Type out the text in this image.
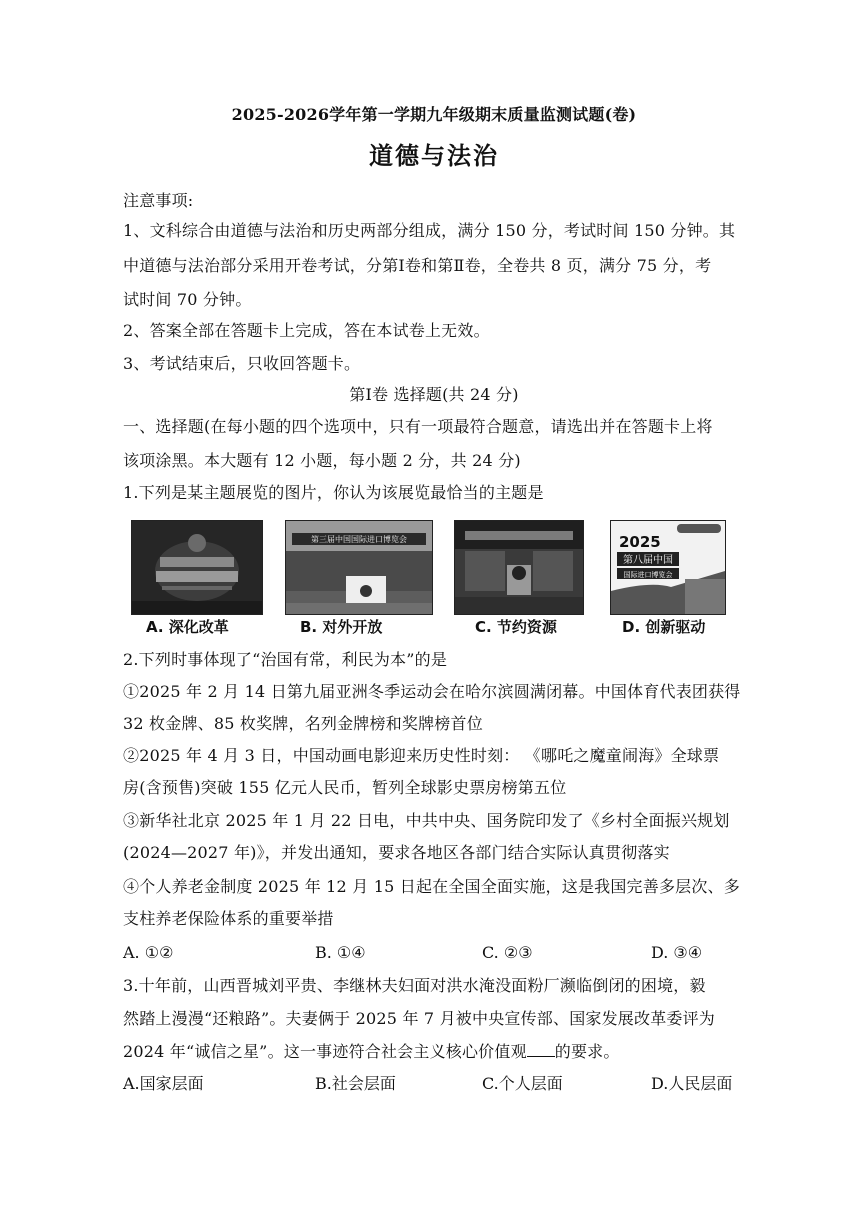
2025-2026学年第一学期九年级期末质量监测试题(卷)
道德与法治
注意事项:
1、文科综合由道德与法治和历史两部分组成，满分 150 分，考试时间 150 分钟。其
中道德与法治部分采用开卷考试，分第Ⅰ卷和第Ⅱ卷，全卷共 8 页，满分 75 分，考
试时间 70 分钟。
2、答案全部在答题卡上完成，答在本试卷上无效。
3、考试结束后，只收回答题卡。
第Ⅰ卷 选择题(共 24 分)
一、选择题(在每小题的四个选项中，只有一项最符合题意，请选出并在答题卡上将
该项涂黑。本大题有 12 小题，每小题 2 分，共 24 分)
1.下列是某主题展览的图片，你认为该展览最恰当的主题是
A. 深化改革
第三届中国国际进口博览会
B. 对外开放	C. 节约资源
2025
第八届中国
国际进口博览会
D. 创新驱动
2.下列时事体现了“治国有常，利民为本”的是
①2025 年 2 月 14 日第九届亚洲冬季运动会在哈尔滨圆满闭幕。中国体育代表团获得
32 枚金牌、85 枚奖牌，名列金牌榜和奖牌榜首位
②2025 年 4 月 3 日，中国动画电影迎来历史性时刻： 《哪吒之魔童闹海》全球票
房(含预售)突破 155 亿元人民币，暂列全球影史票房榜第五位
③新华社北京 2025 年 1 月 22 日电，中共中央、国务院印发了《乡村全面振兴规划
(2024—2027 年)》，并发出通知，要求各地区各部门结合实际认真贯彻落实
④个人养老金制度 2025 年 12 月 15 日起在全国全面实施，这是我国完善多层次、多
支柱养老保险体系的重要举措
A. ①②	B. ①④	C. ②③	D. ③④
3.十年前，山西晋城刘平贵、李继林夫妇面对洪水淹没面粉厂濒临倒闭的困境，毅
然踏上漫漫“还粮路”。夫妻俩于 2025 年 7 月被中央宣传部、国家发展改革委评为
2024 年“诚信之星”。这一事迹符合社会主义核心价值观 的要求。
A.国家层面	B.社会层面	C.个人层面	D.人民层面
